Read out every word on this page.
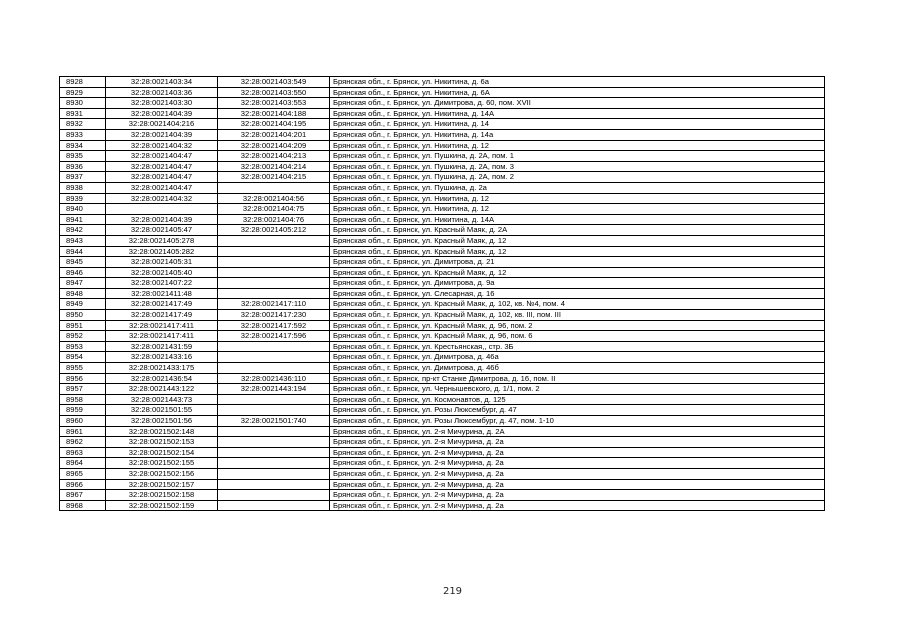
8928	32:28:0021403:34	32:28:0021403:549	Брянская обл., г. Брянск, ул. Никитина, д. 6а
8929	32:28:0021403:36	32:28:0021403:550	Брянская обл., г. Брянск, ул. Никитина, д. 6А
8930	32:28:0021403:30	32:28:0021403:553	Брянская обл., г. Брянск, ул. Димитрова, д. 60, пом. XVII
8931	32:28:0021404:39	32:28:0021404:188	Брянская обл., г. Брянск, ул. Никитина, д. 14А
8932	32:28:0021404:216	32:28:0021404:195	Брянская обл., г. Брянск, ул. Никитина, д. 14
8933	32:28:0021404:39	32:28:0021404:201	Брянская обл., г. Брянск, ул. Никитина, д. 14а
8934	32:28:0021404:32	32:28:0021404:209	Брянская обл., г. Брянск, ул. Никитина, д. 12
8935	32:28:0021404:47	32:28:0021404:213	Брянская обл., г. Брянск, ул. Пушкина, д. 2А, пом. 1
8936	32:28:0021404:47	32:28:0021404:214	Брянская обл., г. Брянск, ул. Пушкина, д. 2А, пом. 3
8937	32:28:0021404:47	32:28:0021404:215	Брянская обл., г. Брянск, ул. Пушкина, д. 2А, пом. 2
8938	32:28:0021404:47		Брянская обл., г. Брянск, ул. Пушкина, д. 2а
8939	32:28:0021404:32	32:28:0021404:56	Брянская обл., г. Брянск, ул. Никитина, д. 12
8940		32:28:0021404:75	Брянская обл., г. Брянск, ул. Никитина, д. 12
8941	32:28:0021404:39	32:28:0021404:76	Брянская обл., г. Брянск, ул. Никитина, д. 14А
8942	32:28:0021405:47	32:28:0021405:212	Брянская обл., г. Брянск, ул. Красный Маяк, д. 2А
8943	32:28:0021405:278		Брянская обл., г. Брянск, ул. Красный Маяк, д. 12
8944	32:28:0021405:282		Брянская обл., г. Брянск, ул. Красный Маяк, д. 12
8945	32:28:0021405:31		Брянская обл., г. Брянск, ул. Димитрова, д. 21
8946	32:28:0021405:40		Брянская обл., г. Брянск, ул. Красный Маяк, д. 12
8947	32:28:0021407:22		Брянская обл., г. Брянск, ул. Димитрова, д. 9а
8948	32:28:0021411:48		Брянская обл., г. Брянск, ул. Слесарная, д. 16
8949	32:28:0021417:49	32:28:0021417:110	Брянская обл., г. Брянск, ул. Красный Маяк, д. 102, кв. №4, пом. 4
8950	32:28:0021417:49	32:28:0021417:230	Брянская обл., г. Брянск, ул. Красный Маяк, д. 102, кв. III, пом. III
8951	32:28:0021417:411	32:28:0021417:592	Брянская обл., г. Брянск, ул. Красный Маяк, д. 96, пом. 2
8952	32:28:0021417:411	32:28:0021417:596	Брянская обл., г. Брянск, ул. Красный Маяк, д. 96, пом. 6
8953	32:28:0021431:59		Брянская обл., г. Брянск, ул. Крестьянская,, стр. 3Б
8954	32:28:0021433:16		Брянская обл., г. Брянск, ул. Димитрова, д. 46а
8955	32:28:0021433:175		Брянская обл., г. Брянск, ул. Димитрова, д. 46б
8956	32:28:0021436:54	32:28:0021436:110	Брянская обл., г. Брянск, пр-кт Станке Димитрова, д. 16, пом. II
8957	32:28:0021443:122	32:28:0021443:194	Брянская обл., г. Брянск, ул. Чернышевского, д. 1/1, пом. 2
8958	32:28:0021443:73		Брянская обл., г. Брянск, ул. Космонавтов, д. 125
8959	32:28:0021501:55		Брянская обл., г. Брянск, ул. Розы Люксембург, д. 47
8960	32:28:0021501:56	32:28:0021501:740	Брянская обл., г. Брянск, ул. Розы Люксембург, д. 47, пом. 1-10
8961	32:28:0021502:148		Брянская обл., г. Брянск, ул. 2-я Мичурина, д. 2А
8962	32:28:0021502:153		Брянская обл., г. Брянск, ул. 2-я Мичурина, д. 2а
8963	32:28:0021502:154		Брянская обл., г. Брянск, ул. 2-я Мичурина, д. 2а
8964	32:28:0021502:155		Брянская обл., г. Брянск, ул. 2-я Мичурина, д. 2а
8965	32:28:0021502:156		Брянская обл., г. Брянск, ул. 2-я Мичурина, д. 2а
8966	32:28:0021502:157		Брянская обл., г. Брянск, ул. 2-я Мичурина, д. 2а
8967	32:28:0021502:158		Брянская обл., г. Брянск, ул. 2-я Мичурина, д. 2а
8968	32:28:0021502:159		Брянская обл., г. Брянск, ул. 2-я Мичурина, д. 2а
219
